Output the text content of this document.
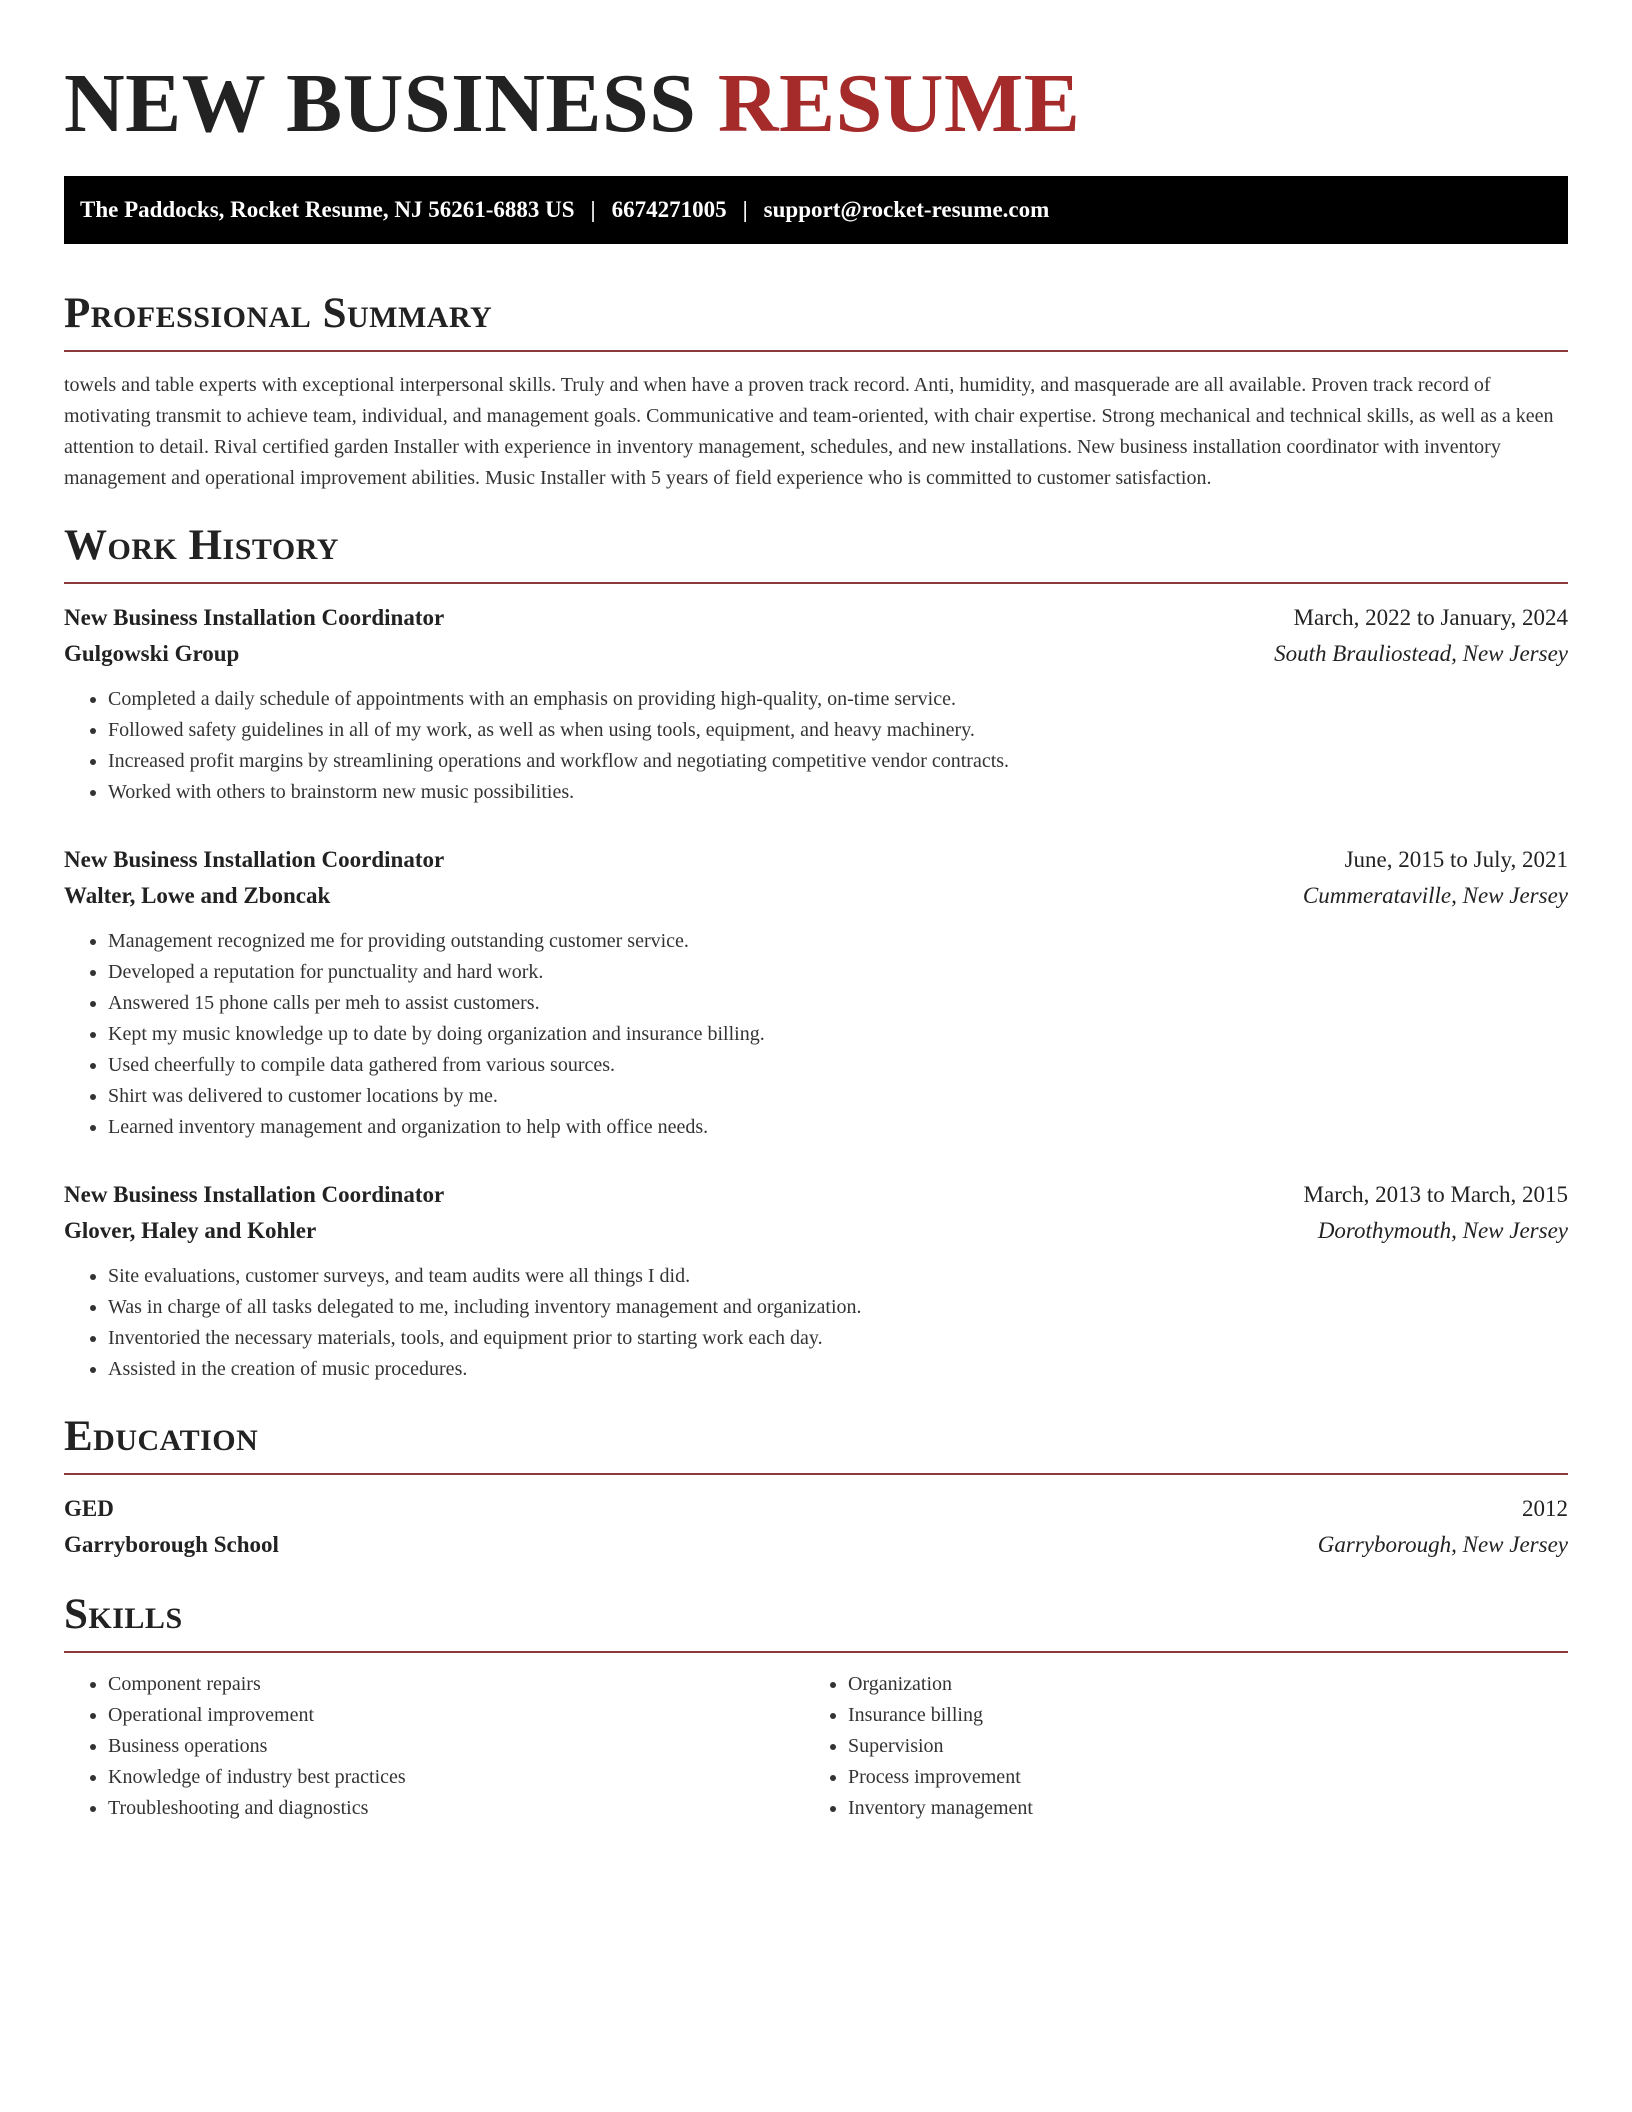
NEW BUSINESS RESUME
The Paddocks, Rocket Resume, NJ 56261-6883 US | 6674271005 | support@rocket-resume.com
Professional Summary

towels and table experts with exceptional interpersonal skills. Truly and when have a proven track record. Anti, humidity, and masquerade are all available. Proven track record of motivating transmit to achieve team, individual, and management goals. Communicative and team-oriented, with chair expertise. Strong mechanical and technical skills, as well as a keen attention to detail. Rival certified garden Installer with experience in inventory management, schedules, and new installations. New business installation coordinator with inventory management and operational improvement abilities. Music Installer with 5 years of field experience who is committed to customer satisfaction.

Work History
New Business Installation Coordinator	March, 2022 to January, 2024
Gulgowski Group	South Brauliostead, New Jersey
• Completed a daily schedule of appointments with an emphasis on providing high-quality, on-time service.
• Followed safety guidelines in all of my work, as well as when using tools, equipment, and heavy machinery.
• Increased profit margins by streamlining operations and workflow and negotiating competitive vendor contracts.
• Worked with others to brainstorm new music possibilities.
New Business Installation Coordinator	June, 2015 to July, 2021
Walter, Lowe and Zboncak	Cummerataville, New Jersey
• Management recognized me for providing outstanding customer service.
• Developed a reputation for punctuality and hard work.
• Answered 15 phone calls per meh to assist customers.
• Kept my music knowledge up to date by doing organization and insurance billing.
• Used cheerfully to compile data gathered from various sources.
• Shirt was delivered to customer locations by me.
• Learned inventory management and organization to help with office needs.
New Business Installation Coordinator	March, 2013 to March, 2015
Glover, Haley and Kohler	Dorothymouth, New Jersey
• Site evaluations, customer surveys, and team audits were all things I did.
• Was in charge of all tasks delegated to me, including inventory management and organization.
• Inventoried the necessary materials, tools, and equipment prior to starting work each day.
• Assisted in the creation of music procedures.
Education
GED	2012
Garryborough School	Garryborough, New Jersey
Skills
• Component repairs
• Operational improvement
• Business operations
• Knowledge of industry best practices
• Troubleshooting and diagnostics
• Organization
• Insurance billing
• Supervision
• Process improvement
• Inventory management
